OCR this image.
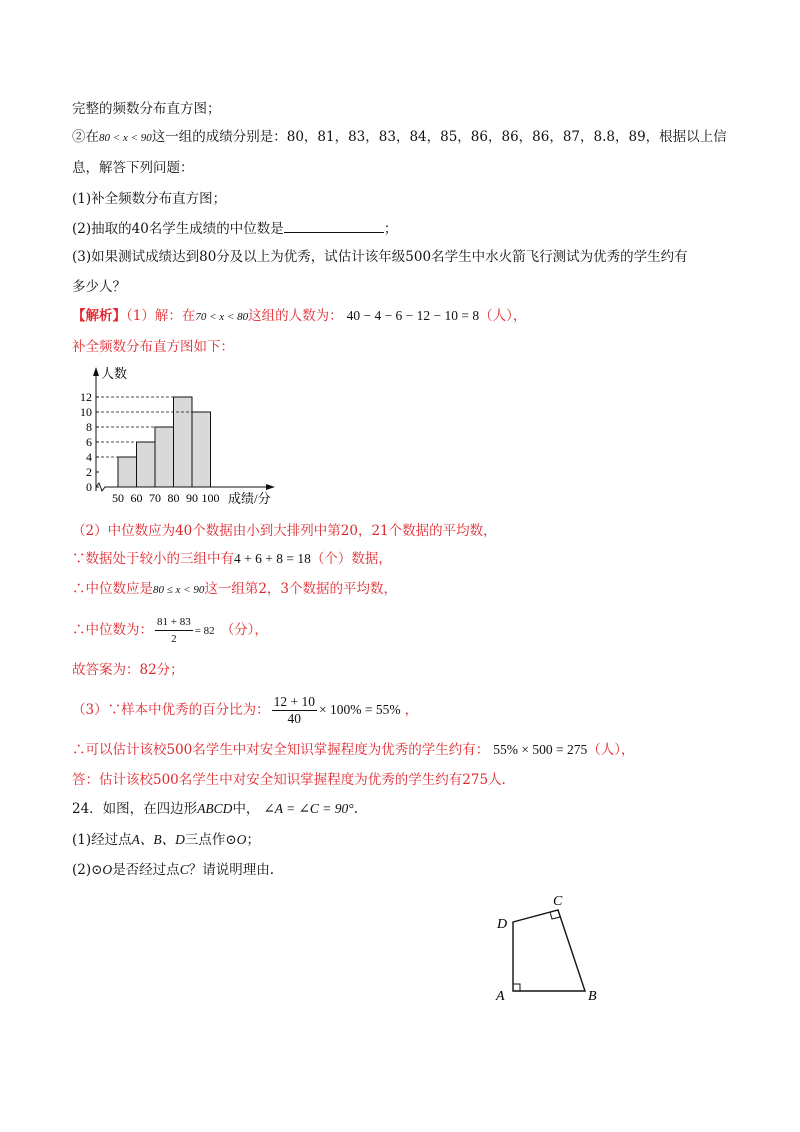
完整的频数分布直方图；
②在80 < x < 90这一组的成绩分别是：80，81，83，83，84，85，86，86，86，87，8.8，89，根据以上信
息，解答下列问题：
(1)补全频数分布直方图；
(2)抽取的40名学生成绩的中位数是	；
(3)如果测试成绩达到80分及以上为优秀，试估计该年级500名学生中水火箭飞行测试为优秀的学生约有
多少人？
【解析】（1）解：在70 < x < 80这组的人数为： 40 − 4 − 6 − 12 − 10 = 8（人），
补全频数分布直方图如下：
0
2
4
6
8
10
12
50 60 70 80 90 100
人数
成绩/分
（2）中位数应为40个数据由小到大排列中第20，21个数据的平均数，
∵数据处于较小的三组中有4 + 6 + 8 = 18（个）数据，
∴中位数应是80 ≤ x < 90这一组第2，3个数据的平均数，
∴中位数为： $\frac{81 + 83}{2} = 82$ （分），
故答案为：82分；
（3）∵样本中优秀的百分比为： $\frac{12 + 10}{40} \times 100\% = 55\%$ ，
∴可以估计该校500名学生中对安全知识掌握程度为优秀的学生约有： 55% × 500 = 275（人），
答：估计该校500名学生中对安全知识掌握程度为优秀的学生约有275人.
24．如图，在四边形ABCD中， ∠A = ∠C = 90°.
(1)经过点A、B、D三点作⊙O；
(2)⊙O是否经过点C？请说明理由.
A	B
C
D
